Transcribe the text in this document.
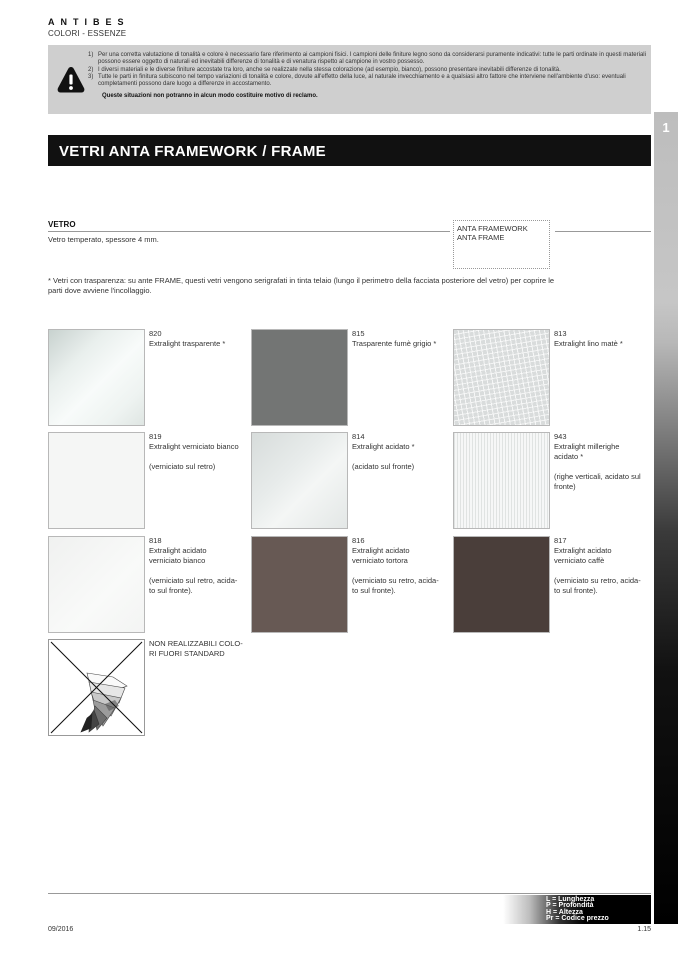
ANTIBES
COLORI - ESSENZE
1) Per una corretta valutazione di tonalità e colore è necessario fare riferimento ai campioni fisici. I campioni delle finiture legno sono da considerarsi puramente indicativi: tutte le parti ordinate in questi materiali possono essere oggetto di naturali ed inevitabili differenze di tonalità e di venatura rispetto al campione in vostro possesso.
2) I diversi materiali e le diverse finiture accostate tra loro, anche se realizzate nella stessa colorazione (ad esempio, bianco), possono presentare inevitabili differenze di tonalità.
3) Tutte le parti in finitura subiscono nel tempo variazioni di tonalità e colore, dovute all'effetto della luce, al naturale invecchiamento e a qualsiasi altro fattore che interviene nell'ambiente d'uso: eventuali completamenti possono dare luogo a differenze in accostamento.
Queste situazioni non potranno in alcun modo costituire motivo di reclamo.
1
VETRI ANTA FRAMEWORK / FRAME
VETRO
Vetro temperato, spessore 4 mm.
ANTA FRAMEWORK
ANTA FRAME
* Vetri con trasparenza: su ante FRAME, questi vetri vengono serigrafati in tinta telaio (lungo il perimetro della facciata posteriore del vetro) per coprire le parti dove avviene l'incollaggio.
820
Extralight trasparente *
815
Trasparente fumè grigio *
813
Extralight lino matè *
819
Extralight verniciato bianco
(verniciato sul retro)
814
Extralight acidato *
(acidato sul fronte)
943
Extralight millerighe
acidato *
(righe verticali, acidato sul
fronte)
818
Extralight acidato
verniciato bianco
(verniciato sul retro, acida-
to sul fronte).
816
Extralight acidato
verniciato tortora
(verniciato su retro, acida-
to sul fronte).
817
Extralight acidato
verniciato caffè
(verniciato su retro, acida-
to sul fronte).
NON REALIZZABILI COLO-
RI FUORI STANDARD
L = Lunghezza
P = Profondità
H = Altezza
Pr = Codice prezzo
09/2016	1.15
